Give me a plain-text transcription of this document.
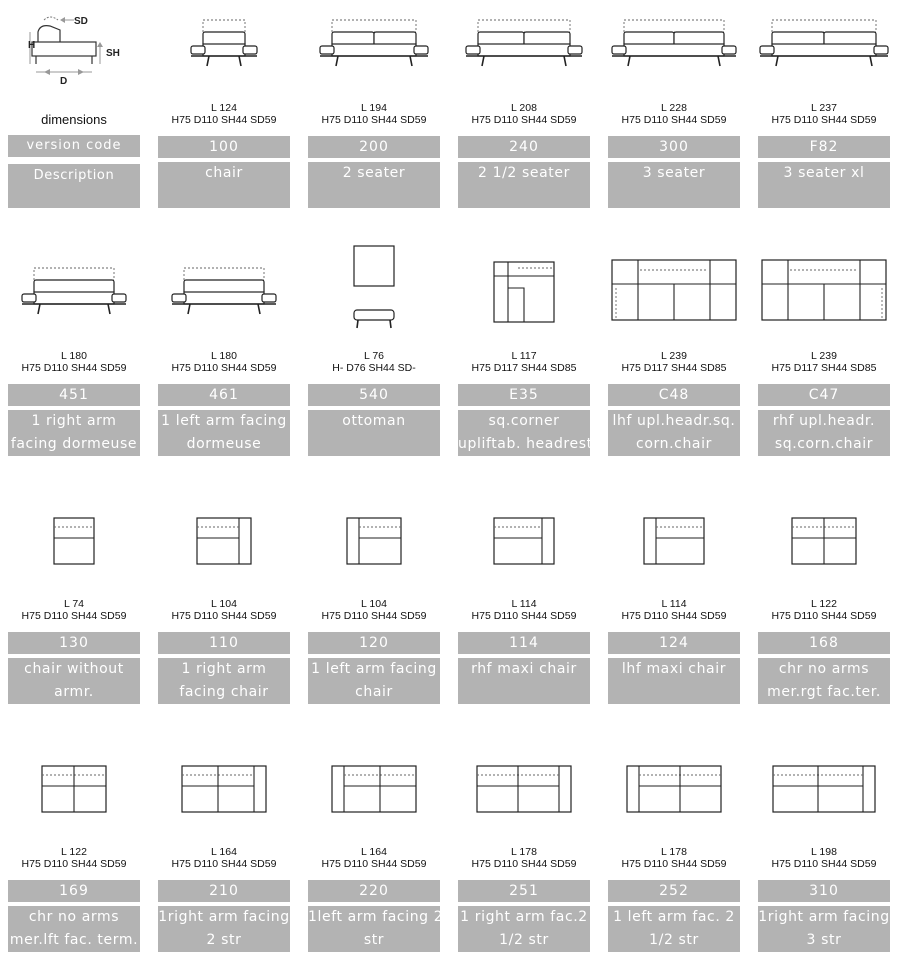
SD
H
SH
D
dimensions
version code
Description
L 124
H75 D110 SH44 SD59
100
chair
L 194
H75 D110 SH44 SD59
200
2 seater
L 208
H75 D110 SH44 SD59
240
2 1/2 seater
L 228
H75 D110 SH44 SD59
300
3 seater
L 237
H75 D110 SH44 SD59
F82
3 seater xl
L 180
H75 D110 SH44 SD59
451
1 right arm
facing dormeuse
L 180
H75 D110 SH44 SD59
461
1 left arm facing
dormeuse
L 76
H- D76 SH44 SD-
540
ottoman
L 117
H75 D117 SH44 SD85
E35
sq.corner
upliftab. headrest
L 239
H75 D117 SH44 SD85
C48
lhf upl.headr.sq.
corn.chair
L 239
H75 D117 SH44 SD85
C47
rhf upl.headr.
sq.corn.chair
L 74
H75 D110 SH44 SD59
130
chair without
armr.
L 104
H75 D110 SH44 SD59
110
1 right arm
facing chair
L 104
H75 D110 SH44 SD59
120
1 left arm facing
chair
L 114
H75 D110 SH44 SD59
114
rhf maxi chair
L 114
H75 D110 SH44 SD59
124
lhf maxi chair
L 122
H75 D110 SH44 SD59
168
chr no arms
mer.rgt fac.ter.
L 122
H75 D110 SH44 SD59
169
chr no arms
mer.lft fac. term.
L 164
H75 D110 SH44 SD59
210
1right arm facing
2 str
L 164
H75 D110 SH44 SD59
220
1left arm facing 2
str
L 178
H75 D110 SH44 SD59
251
1 right arm fac.2
1/2 str
L 178
H75 D110 SH44 SD59
252
1 left arm fac. 2
1/2 str
L 198
H75 D110 SH44 SD59
310
1right arm facing
3 str
